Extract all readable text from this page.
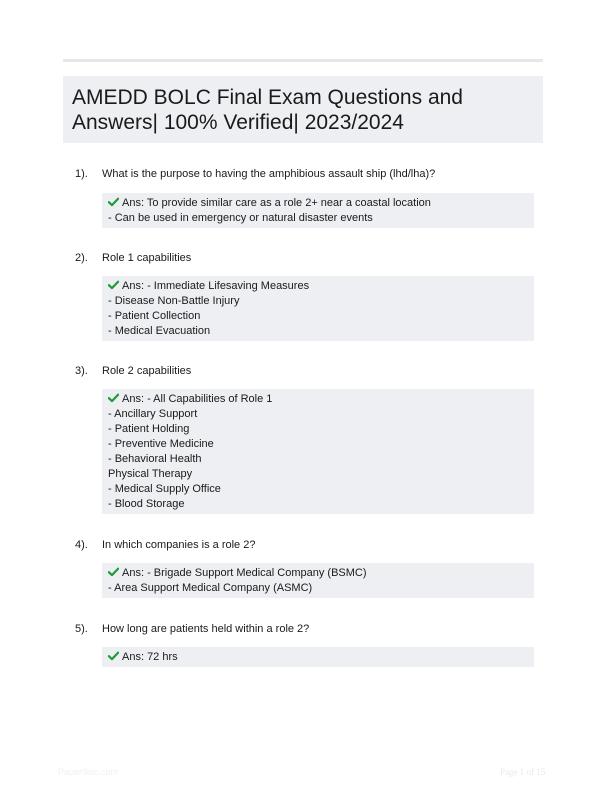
AMEDD BOLC Final Exam Questions and
Answers| 100% Verified| 2023/2024
1). What is the purpose to having the amphibious assault ship (lhd/lha)?
Ans: To provide similar care as a role 2+ near a coastal location
- Can be used in emergency or natural disaster events
2). Role 1 capabilities
Ans: - Immediate Lifesaving Measures
- Disease Non-Battle Injury
- Patient Collection
- Medical Evacuation
3). Role 2 capabilities
Ans: - All Capabilities of Role 1
- Ancillary Support
- Patient Holding
- Preventive Medicine
- Behavioral Health
Physical Therapy
- Medical Supply Office
- Blood Storage
4). In which companies is a role 2?
Ans: - Brigade Support Medical Company (BSMC)
- Area Support Medical Company (ASMC)
5). How long are patients held within a role 2?
Ans: 72 hrs
Paper9bic.com	Page 1 of 15
